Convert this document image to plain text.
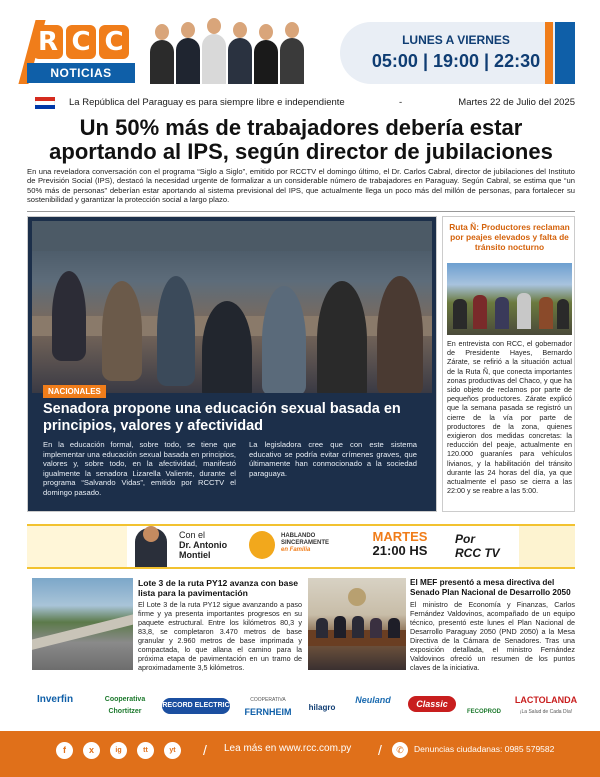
R C C
NOTICIAS
LUNES A VIERNES
05:00 | 19:00 | 22:30
La República del Paraguay es para siempre libre e independiente	-	Martes 22 de Julio del 2025
Un 50% más de trabajadores debería estar aportando al IPS, según director de jubilaciones

En una reveladora conversación con el programa “Siglo a Siglo”, emitido por RCCTV el domingo último, el Dr. Carlos Cabral, director de jubilaciones del Instituto de Previsión Social (IPS), destacó la necesidad urgente de formalizar a un considerable número de trabajadores en Paraguay. Según Cabral, se estima que “un 50% más de personas” deberían estar aportando al sistema previsional del IPS, que actualmente llega un poco más del millón de personas, para fortalecer su sostenibilidad y garantizar la protección social a largo plazo.

NACIONALES
Senadora propone una educación sexual basada en principios, valores y afectividad

En la educación formal, sobre todo, se tiene que implementar una educación sexual basada en principios, valores y, sobre todo, en la afectividad, manifestó igualmente la senadora Lizarella Valiente, durante el programa “Salvando Vidas”, emitido por RCCTV el domingo pasado.

La legisladora cree que con este sistema educativo se podría evitar crímenes graves, que últimamente han conmocionado a la sociedad paraguaya.

Ruta Ñ: Productores reclaman por peajes elevados y falta de tránsito nocturno

En entrevista con RCC, el gobernador de Presidente Hayes, Bernardo Zárate, se refirió a la situación actual de la Ruta Ñ, que conecta importantes zonas productivas del Chaco, y que ha sido objeto de reclamos por parte de pequeños productores. Zárate explicó que la semana pasada se registró un cierre de la vía por parte de productores de la zona, quienes exigieron dos medidas concretas: la reducción del peaje, actualmente en 120.000 guaraníes para vehículos livianos, y la habilitación del tránsito durante las 24 horas del día, ya que actualmente el paso se cierra a las 22:00 y se reabre a las 5:00.

Con el
Dr. Antonio Montiel
HABLANDO
SINCERAMENTE
en Familia
MARTES
21:00 HS
Por
RCC TV
Lote 3 de la ruta PY12 avanza con base lista para la pavimentación

El Lote 3 de la ruta PY12 sigue avanzando a paso firme y ya presenta importantes progresos en su paquete estructural. Entre los kilómetros 80,3 y 83,8, se completaron 3.470 metros de base granular y 2.960 metros de base imprimada y compactada, lo que allana el camino para la próxima etapa de pavimentación en un tramo de aproximadamente 3,5 kilómetros.

El MEF presentó a mesa directiva del Senado Plan Nacional de Desarrollo 2050

El ministro de Economía y Finanzas, Carlos Fernández Valdovinos, acompañado de un equipo técnico, presentó este lunes el Plan Nacional de Desarrollo Paraguay 2050 (PND 2050) a la Mesa Directiva de la Cámara de Senadores. Tras una exposición detallada, el ministro Fernández Valdovinos ofreció un resumen de los puntos claves de la iniciativa.

Inverfin	Cooperativa Chortitzer
RECORD ELECTRIC
COOPERATIVA
FERNHEIM	hilagro
Neuland	Classic
FECOPROD
LACTOLANDA
¡La Salud de Cada Día!
f	x	ig	tt	yt	/ Lea más en www.rcc.com.py /	✆	Denuncias ciudadanas: 0985 579582
